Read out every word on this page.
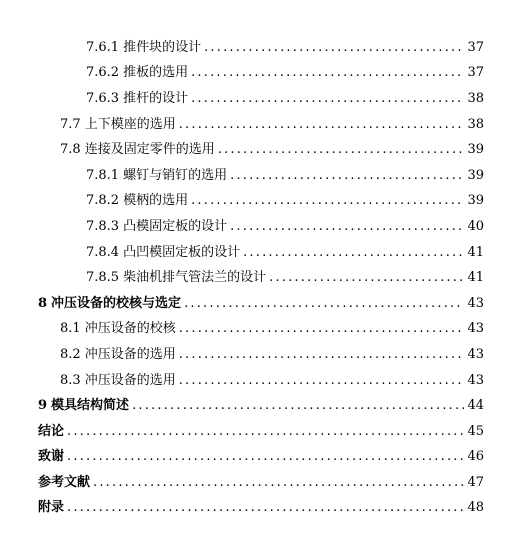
7.6.1 推件块的设计 .....	37
7.6.2 推板的选用 .....	37
7.6.3 推杆的设计 .....	38
7.7 上下模座的选用 .....	38
7.8 连接及固定零件的选用 .....	39
7.8.1 螺钉与销钉的选用 .....	39
7.8.2 模柄的选用 .....	39
7.8.3 凸模固定板的设计 .....	40
7.8.4 凸凹模固定板的设计 .....	41
7.8.5 柴油机排气管法兰的设计 .....	41
8 冲压设备的校核与选定 .....	43
8.1 冲压设备的校核 .....	43
8.2 冲压设备的选用 .....	43
8.3 冲压设备的选用 .....	43
9 模具结构简述 .....	44
结论 .....	45
致谢 .....	46
参考文献 .....	47
附录 .....	48
